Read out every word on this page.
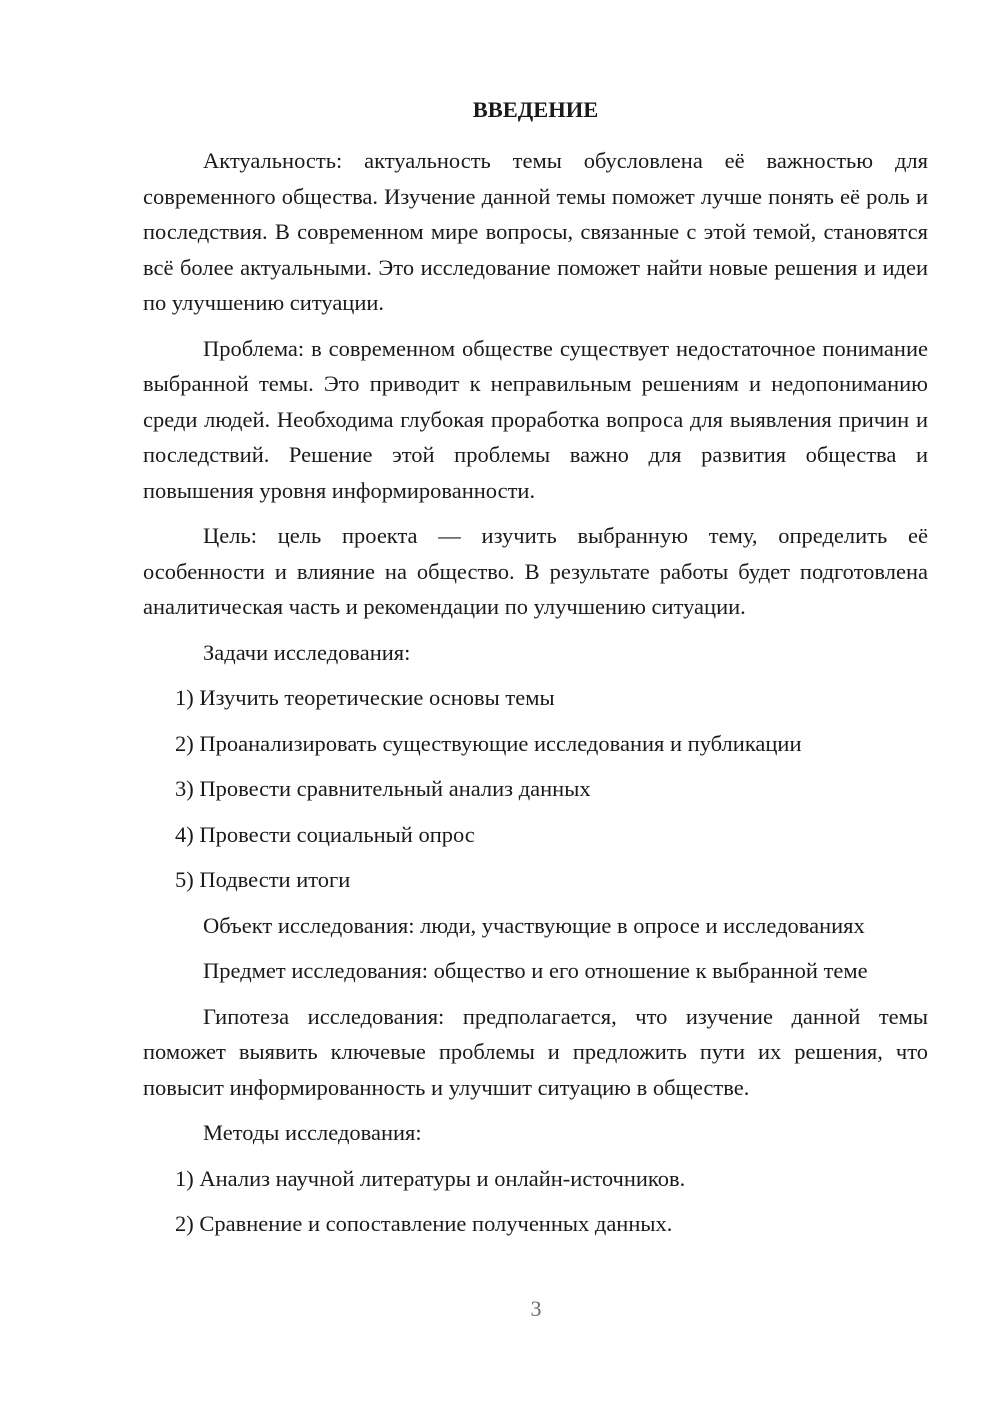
ВВЕДЕНИЕ

Актуальность: актуальность темы обусловлена её важностью для современного общества. Изучение данной темы поможет лучше понять её роль и последствия. В современном мире вопросы, связанные с этой темой, становятся всё более актуальными. Это исследование поможет найти новые решения и идеи по улучшению ситуации.

Проблема: в современном обществе существует недостаточное понимание выбранной темы. Это приводит к неправильным решениям и недопониманию среди людей. Необходима глубокая проработка вопроса для выявления причин и последствий. Решение этой проблемы важно для развития общества и повышения уровня информированности.

Цель: цель проекта — изучить выбранную тему, определить её особенности и влияние на общество. В результате работы будет подготовлена аналитическая часть и рекомендации по улучшению ситуации.

Задачи исследования:
1) Изучить теоретические основы темы
2) Проанализировать существующие исследования и публикации
3) Провести сравнительный анализ данных
4) Провести социальный опрос
5) Подвести итоги
Объект исследования: люди, участвующие в опросе и исследованиях

Предмет исследования: общество и его отношение к выбранной теме

Гипотеза исследования: предполагается, что изучение данной темы поможет выявить ключевые проблемы и предложить пути их решения, что повысит информированность и улучшит ситуацию в обществе.

Методы исследования:
1) Анализ научной литературы и онлайн-источников.
2) Сравнение и сопоставление полученных данных.
3
